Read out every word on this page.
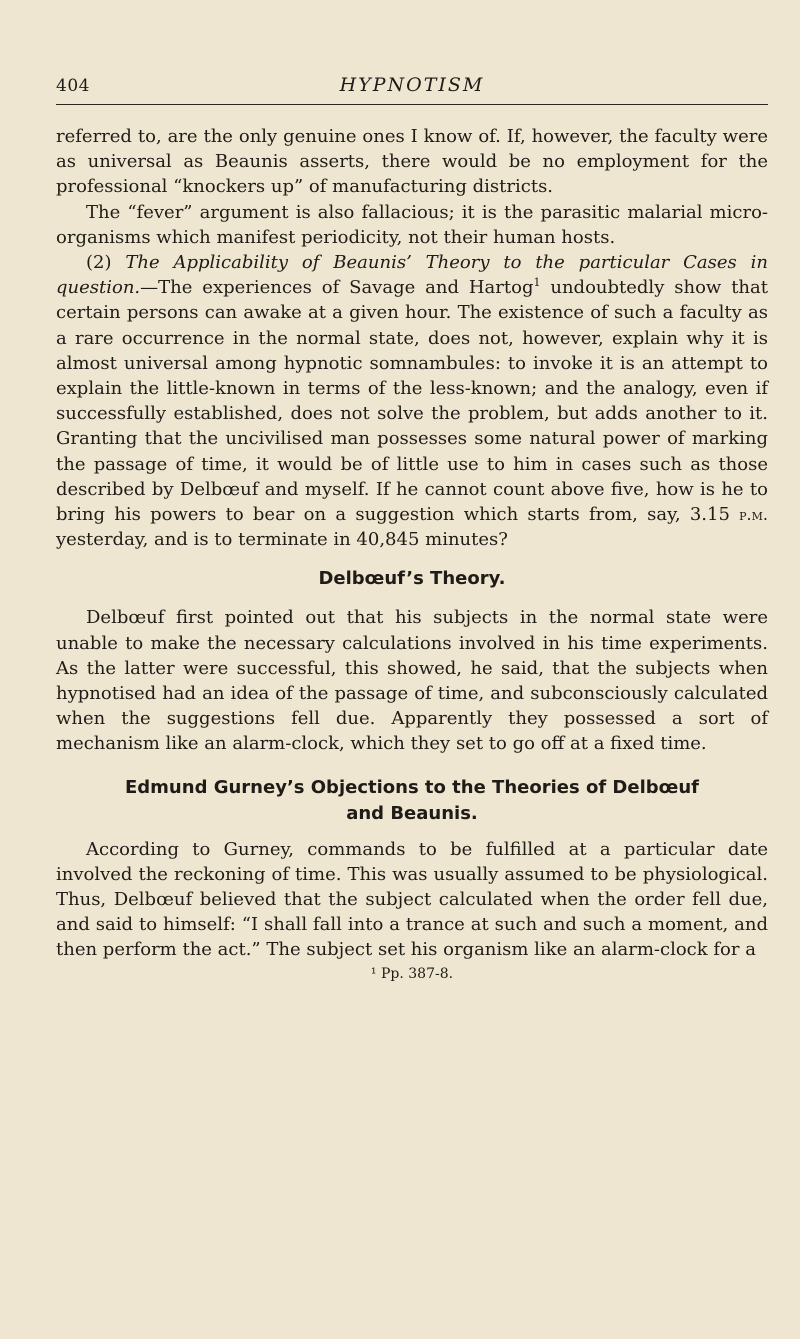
404	HYPNOTISM

referred to, are the only genuine ones I know of. If, however, the faculty were as universal as Beaunis asserts, there would be no employment for the professional “knockers up” of manufacturing districts.

The “fever” argument is also fallacious; it is the parasitic malarial micro-organisms which manifest periodicity, not their human hosts.

(2) The Applicability of Beaunis’ Theory to the particular Cases in question.—The experiences of Savage and Hartog$^1$ undoubtedly show that certain persons can awake at a given hour. The existence of such a faculty as a rare occurrence in the normal state, does not, however, explain why it is almost universal among hypnotic somnambules: to invoke it is an attempt to explain the little-known in terms of the less-known; and the analogy, even if successfully established, does not solve the problem, but adds another to it. Granting that the uncivilised man possesses some natural power of marking the passage of time, it would be of little use to him in cases such as those described by Delbœuf and myself. If he cannot count above five, how is he to bring his powers to bear on a suggestion which starts from, say, 3.15 p.m. yesterday, and is to terminate in 40,845 minutes?

Delbœuf’s Theory.

Delbœuf first pointed out that his subjects in the normal state were unable to make the necessary calculations involved in his time experiments. As the latter were successful, this showed, he said, that the subjects when hypnotised had an idea of the passage of time, and subconsciously calculated when the suggestions fell due. Apparently they possessed a sort of mechanism like an alarm-clock, which they set to go off at a fixed time.

Edmund Gurney’s Objections to the Theories of Delbœuf
and Beaunis.

According to Gurney, commands to be fulfilled at a particular date involved the reckoning of time. This was usually assumed to be physiological. Thus, Delbœuf believed that the subject calculated when the order fell due, and said to himself: “I shall fall into a trance at such and such a moment, and then perform the act.” The subject set his organism like an alarm-clock for a

¹ Pp. 387-8.
